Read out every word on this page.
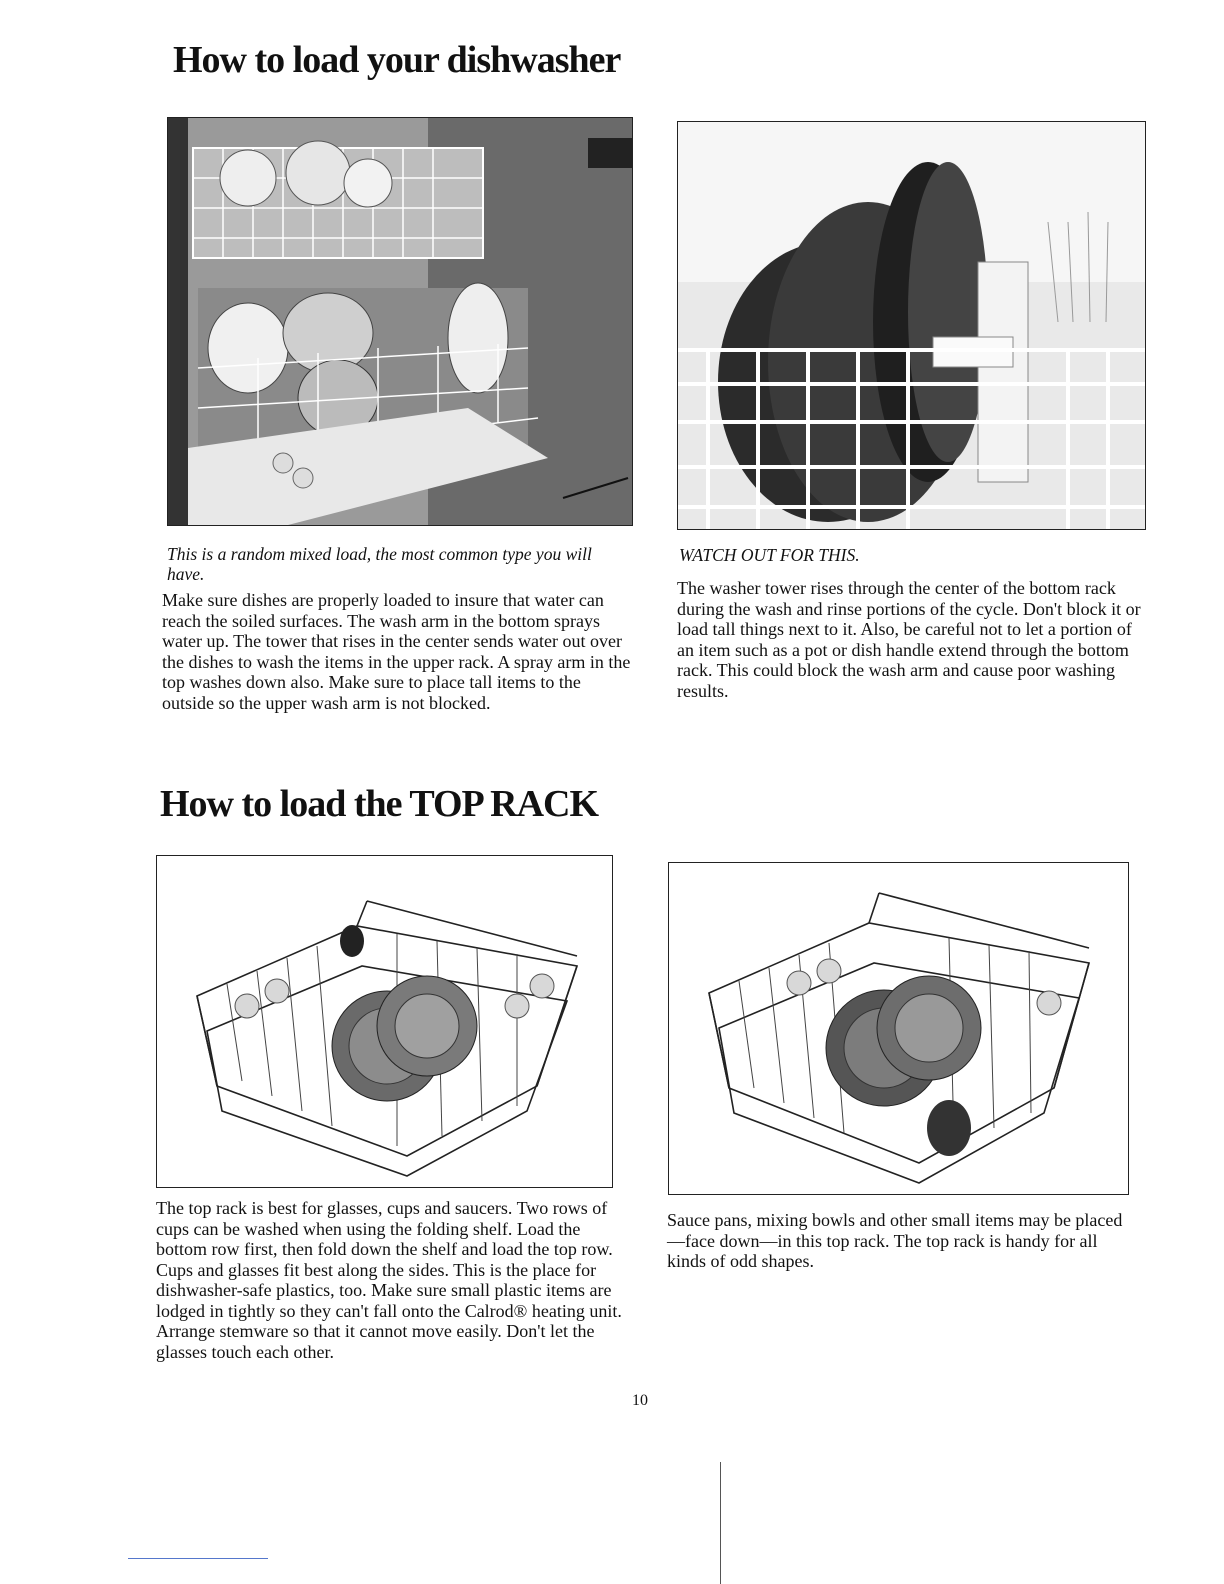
How to load your dishwasher
This is a random mixed load, the most common type you will have.
Make sure dishes are properly loaded to insure that water can reach the soiled surfaces. The wash arm in the bottom sprays water up. The tower that rises in the center sends water out over the dishes to wash the items in the upper rack. A spray arm in the top washes down also. Make sure to place tall items to the outside so the upper wash arm is not blocked.
WATCH OUT FOR THIS.
The washer tower rises through the center of the bottom rack during the wash and rinse portions of the cycle. Don't block it or load tall things next to it. Also, be careful not to let a portion of an item such as a pot or dish handle extend through the bottom rack. This could block the wash arm and cause poor washing results.
How to load the TOP RACK
The top rack is best for glasses, cups and saucers. Two rows of cups can be washed when using the folding shelf. Load the bottom row first, then fold down the shelf and load the top row. Cups and glasses fit best along the sides. This is the place for dishwasher-safe plastics, too. Make sure small plastic items are lodged in tightly so they can't fall onto the Calrod® heating unit. Arrange stemware so that it cannot move easily. Don't let the glasses touch each other.
Sauce pans, mixing bowls and other small items may be placed—face down—in this top rack. The top rack is handy for all kinds of odd shapes.
10
